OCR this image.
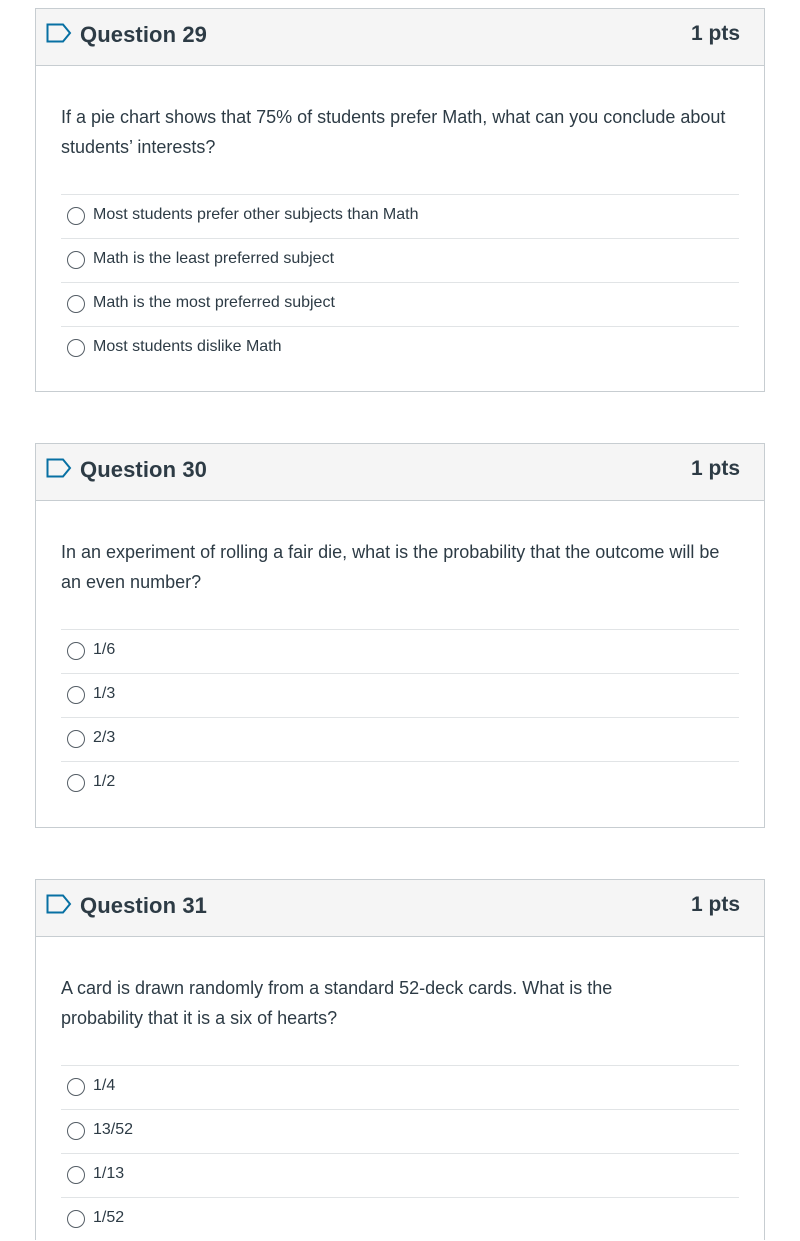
Question 29	1 pts

If a pie chart shows that 75% of students prefer Math, what can you conclude about students’ interests?

Most students prefer other subjects than Math
Math is the least preferred subject
Math is the most preferred subject
Most students dislike Math
Question 30	1 pts

In an experiment of rolling a fair die, what is the probability that the outcome will be an even number?

1/6
1/3
2/3
1/2
Question 31	1 pts

A card is drawn randomly from a standard 52-deck cards. What is the probability that it is a six of hearts?

1/4
13/52
1/13
1/52
